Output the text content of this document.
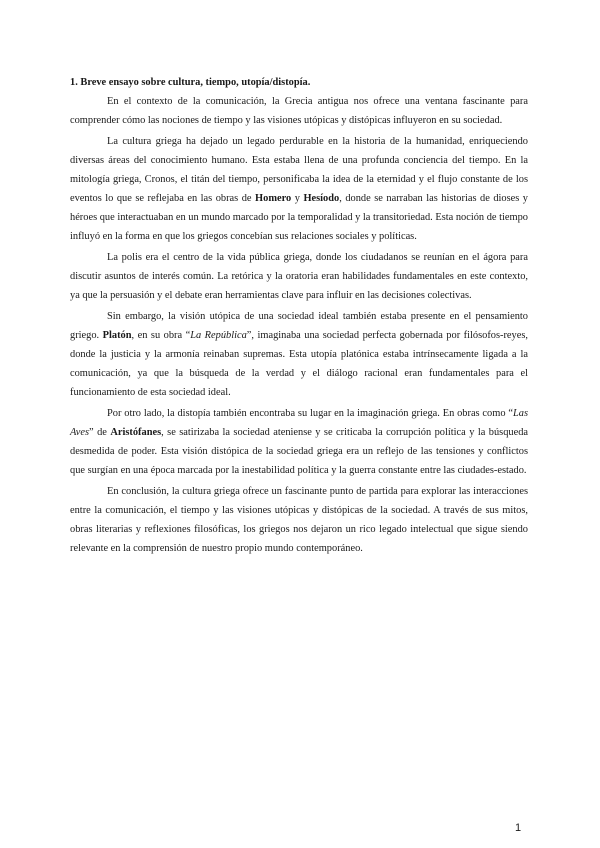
1. Breve ensayo sobre cultura, tiempo, utopía/distopía.

En el contexto de la comunicación, la Grecia antigua nos ofrece una ventana fascinante para comprender cómo las nociones de tiempo y las visiones utópicas y distópicas influyeron en su sociedad.

La cultura griega ha dejado un legado perdurable en la historia de la humanidad, enriqueciendo diversas áreas del conocimiento humano. Esta estaba llena de una profunda conciencia del tiempo. En la mitología griega, Cronos, el titán del tiempo, personificaba la idea de la eternidad y el flujo constante de los eventos lo que se reflejaba en las obras de Homero y Hesíodo, donde se narraban las historias de dioses y héroes que interactuaban en un mundo marcado por la temporalidad y la transitoriedad. Esta noción de tiempo influyó en la forma en que los griegos concebían sus relaciones sociales y políticas.

La polis era el centro de la vida pública griega, donde los ciudadanos se reunían en el ágora para discutir asuntos de interés común. La retórica y la oratoria eran habilidades fundamentales en este contexto, ya que la persuasión y el debate eran herramientas clave para influir en las decisiones colectivas.

Sin embargo, la visión utópica de una sociedad ideal también estaba presente en el pensamiento griego. Platón, en su obra “La República”, imaginaba una sociedad perfecta gobernada por filósofos-reyes, donde la justicia y la armonía reinaban supremas. Esta utopía platónica estaba intrínsecamente ligada a la comunicación, ya que la búsqueda de la verdad y el diálogo racional eran fundamentales para el funcionamiento de esta sociedad ideal.

Por otro lado, la distopía también encontraba su lugar en la imaginación griega. En obras como “Las Aves” de Aristófanes, se satirizaba la sociedad ateniense y se criticaba la corrupción política y la búsqueda desmedida de poder. Esta visión distópica de la sociedad griega era un reflejo de las tensiones y conflictos que surgían en una época marcada por la inestabilidad política y la guerra constante entre las ciudades-estado.

En conclusión, la cultura griega ofrece un fascinante punto de partida para explorar las interacciones entre la comunicación, el tiempo y las visiones utópicas y distópicas de la sociedad. A través de sus mitos, obras literarias y reflexiones filosóficas, los griegos nos dejaron un rico legado intelectual que sigue siendo relevante en la comprensión de nuestro propio mundo contemporáneo.

1
